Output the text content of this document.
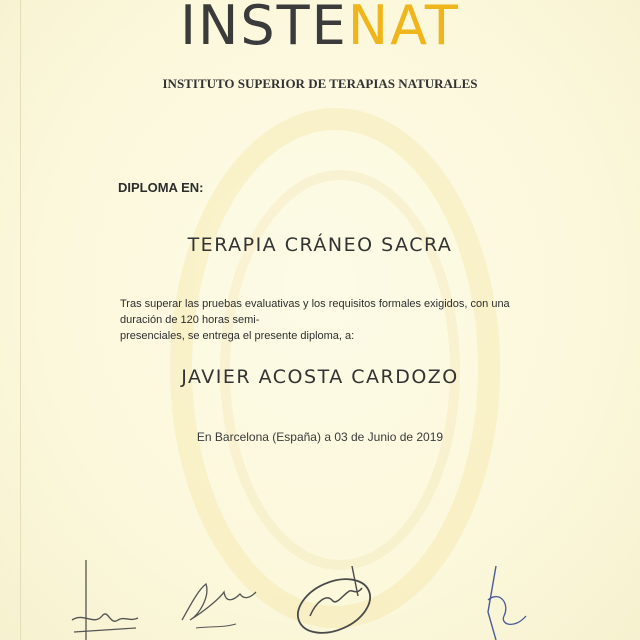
INSTENAT
INSTITUTO SUPERIOR DE TERAPIAS NATURALES
DIPLOMA EN:
TERAPIA CRÁNEO SACRA
Tras superar las pruebas evaluativas y los requisitos formales exigidos, con una duración de 120 horas semi-
presenciales, se entrega el presente diploma, a:
JAVIER ACOSTA CARDOZO
En Barcelona (España) a 03 de Junio de 2019
